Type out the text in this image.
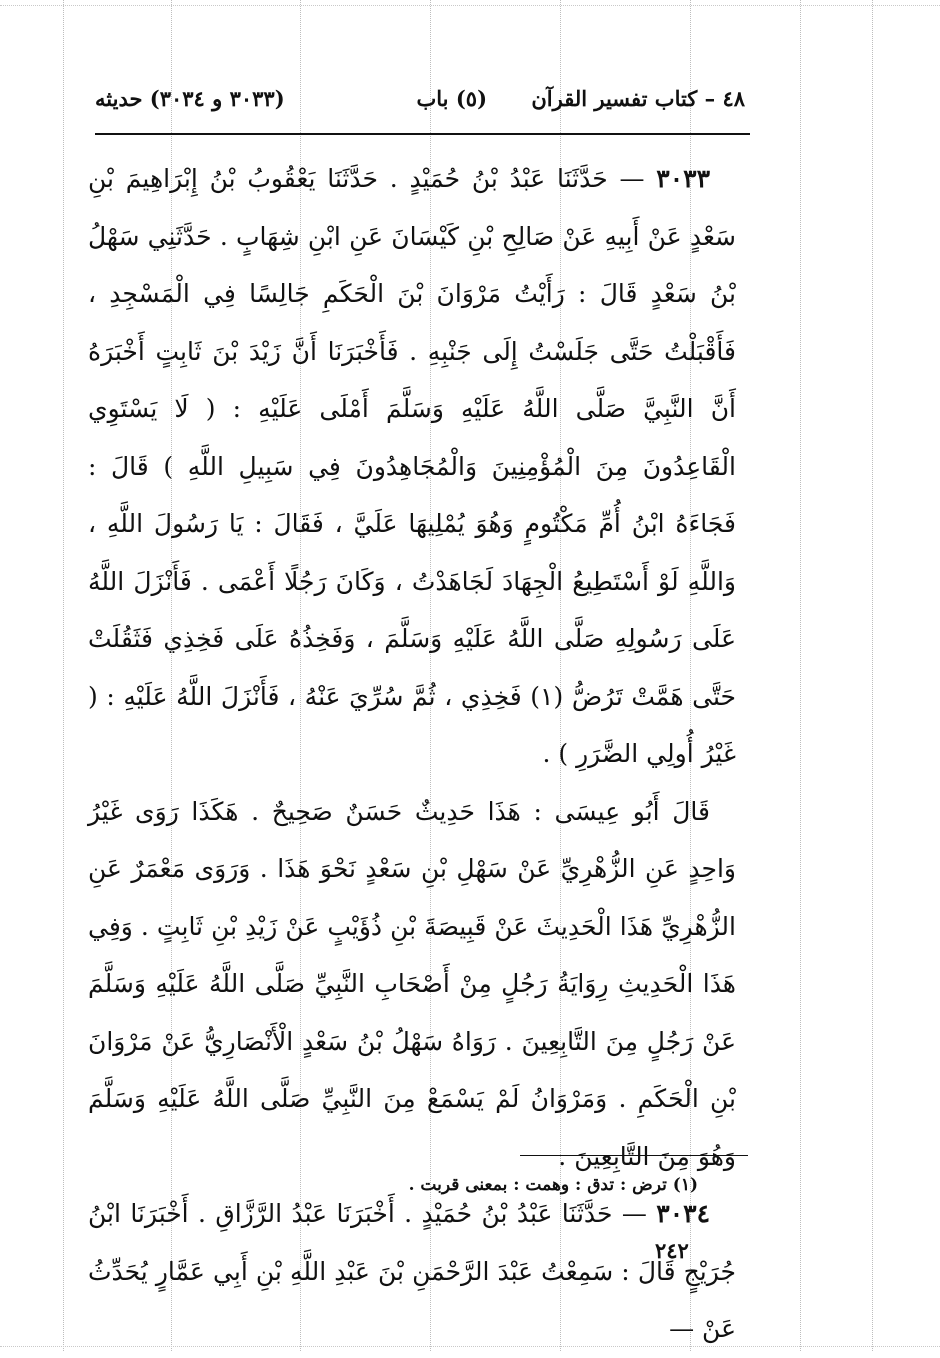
٤٨ – كتاب تفسير القرآن
(٥) باب
(٣٠٣٣ و ٣٠٣٤) حديثه

٣٠٣٣ — حَدَّثَنَا عَبْدُ بْنُ حُمَيْدٍ . حَدَّثَنَا يَعْقُوبُ بْنُ إِبْرَاهِيمَ بْنِ سَعْدٍ عَنْ أَبِيهِ عَنْ صَالِحِ بْنِ كَيْسَانَ عَنِ ابْنِ شِهَابٍ . حَدَّثَنِي سَهْلُ بْنُ سَعْدٍ قَالَ : رَأَيْتُ مَرْوَانَ بْنَ الْحَكَمِ جَالِسًا فِي الْمَسْجِدِ ، فَأَقْبَلْتُ حَتَّى جَلَسْتُ إِلَى جَنْبِهِ . فَأَخْبَرَنَا أَنَّ زَيْدَ بْنَ ثَابِتٍ أَخْبَرَهُ أَنَّ النَّبِيَّ صَلَّى اللَّهُ عَلَيْهِ وَسَلَّمَ أَمْلَى عَلَيْهِ : ( لَا يَسْتَوِي الْقَاعِدُونَ مِنَ الْمُؤْمِنِينَ وَالْمُجَاهِدُونَ فِي سَبِيلِ اللَّهِ ) قَالَ : فَجَاءَهُ ابْنُ أُمِّ مَكْتُومٍ وَهُوَ يُمْلِيهَا عَلَيَّ ، فَقَالَ : يَا رَسُولَ اللَّهِ ، وَاللَّهِ لَوْ أَسْتَطِيعُ الْجِهَادَ لَجَاهَدْتُ ، وَكَانَ رَجُلًا أَعْمَى . فَأَنْزَلَ اللَّهُ عَلَى رَسُولِهِ صَلَّى اللَّهُ عَلَيْهِ وَسَلَّمَ ، وَفَخِذُهُ عَلَى فَخِذِي فَثَقُلَتْ حَتَّى هَمَّتْ تَرُضُّ (١) فَخِذِي ، ثُمَّ سُرِّيَ عَنْهُ ، فَأَنْزَلَ اللَّهُ عَلَيْهِ : ( غَيْرُ أُولِي الضَّرَرِ ) .

قَالَ أَبُو عِيسَى : هَذَا حَدِيثٌ حَسَنٌ صَحِيحٌ . هَكَذَا رَوَى غَيْرُ وَاحِدٍ عَنِ الزُّهْرِيِّ عَنْ سَهْلِ بْنِ سَعْدٍ نَحْوَ هَذَا . وَرَوَى مَعْمَرٌ عَنِ الزُّهْرِيِّ هَذَا الْحَدِيثَ عَنْ قَبِيصَةَ بْنِ ذُؤَيْبٍ عَنْ زَيْدِ بْنِ ثَابِتٍ . وَفِي هَذَا الْحَدِيثِ رِوَايَةُ رَجُلٍ مِنْ أَصْحَابِ النَّبِيِّ صَلَّى اللَّهُ عَلَيْهِ وَسَلَّمَ عَنْ رَجُلٍ مِنَ التَّابِعِينَ . رَوَاهُ سَهْلُ بْنُ سَعْدٍ الْأَنْصَارِيُّ عَنْ مَرْوَانَ بْنِ الْحَكَمِ . وَمَرْوَانُ لَمْ يَسْمَعْ مِنَ النَّبِيِّ صَلَّى اللَّهُ عَلَيْهِ وَسَلَّمَ وَهُوَ مِنَ التَّابِعِينَ .

٣٠٣٤ — حَدَّثَنَا عَبْدُ بْنُ حُمَيْدٍ . أَخْبَرَنَا عَبْدُ الرَّزَّاقِ . أَخْبَرَنَا ابْنُ جُرَيْجٍ قَالَ : سَمِعْتُ عَبْدَ الرَّحْمَنِ بْنَ عَبْدِ اللَّهِ بْنِ أَبِي عَمَّارٍ يُحَدِّثُ عَنْ —

(١) ترض : تدق : وهمت : بمعنى قربت .
٢٤٢
